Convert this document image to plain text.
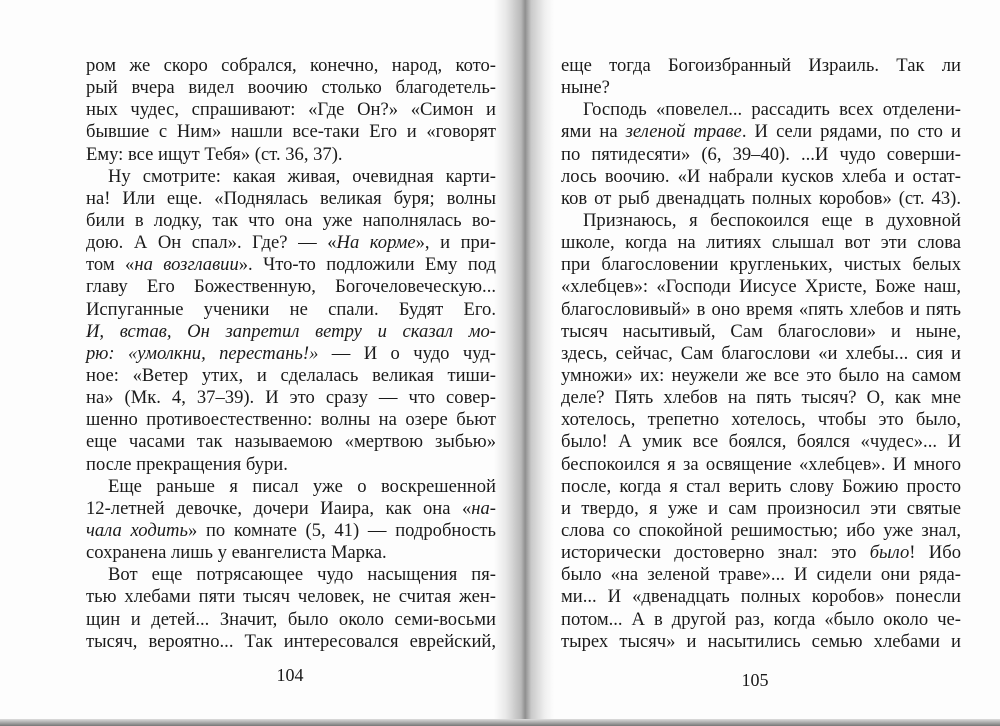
ром же скоро собрался, конечно, народ, кото-
рый вчера видел воочию столько благодетель-
ных чудес, спрашивают: «Где Он?» «Симон и
бывшие с Ним» нашли все-таки Его и «говорят
Ему: все ищут Тебя» (ст. 36, 37).
Ну смотрите: какая живая, очевидная карти-
на! Или еще. «Поднялась великая буря; волны
били в лодку, так что она уже наполнялась во-
дою. А Он спал». Где? — «На корме», и при-
том «на возглавии». Что-то подложили Ему под
главу Его Божественную, Богочеловеческую...
Испуганные ученики не спали. Будят Его.
И, встав, Он запретил ветру и сказал мо-
рю: «умолкни, перестань!» — И о чудо чуд-
ное: «Ветер утих, и сделалась великая тиши-
на» (Мк. 4, 37–39). И это сразу — что совер-
шенно противоестественно: волны на озере бьют
еще часами так называемою «мертвою зыбью»
после прекращения бури.
Еще раньше я писал уже о воскрешенной
12-летней девочке, дочери Иаира, как она «на-
чала ходить» по комнате (5, 41) — подробность
сохранена лишь у евангелиста Марка.
Вот еще потрясающее чудо насыщения пя-
тью хлебами пяти тысяч человек, не считая жен-
щин и детей... Значит, было около семи-восьми
тысяч, вероятно... Так интересовался еврейский,
еще тогда Богоизбранный Израиль. Так ли
ныне?
Господь «повелел... рассадить всех отделени-
ями на зеленой траве. И сели рядами, по сто и
по пятидесяти» (6, 39–40). ...И чудо соверши-
лось воочию. «И набрали кусков хлеба и остат-
ков от рыб двенадцать полных коробов» (ст. 43).
Признаюсь, я беспокоился еще в духовной
школе, когда на литиях слышал вот эти слова
при благословении кругленьких, чистых белых
«хлебцев»: «Господи Иисусе Христе, Боже наш,
благословивый» в оно время «пять хлебов и пять
тысяч насытивый, Сам благослови» и ныне,
здесь, сейчас, Сам благослови «и хлебы... сия и
умножи» их: неужели же все это было на самом
деле? Пять хлебов на пять тысяч? О, как мне
хотелось, трепетно хотелось, чтобы это было,
было! А умик все боялся, боялся «чудес»... И
беспокоился я за освящение «хлебцев». И много
после, когда я стал верить слову Божию просто
и твердо, я уже и сам произносил эти святые
слова со спокойной решимостью; ибо уже знал,
исторически достоверно знал: это было! Ибо
было «на зеленой траве»... И сидели они ряда-
ми... И «двенадцать полных коробов» понесли
потом... А в другой раз, когда «было около че-
тырех тысяч» и насытились семью хлебами и
104	105
